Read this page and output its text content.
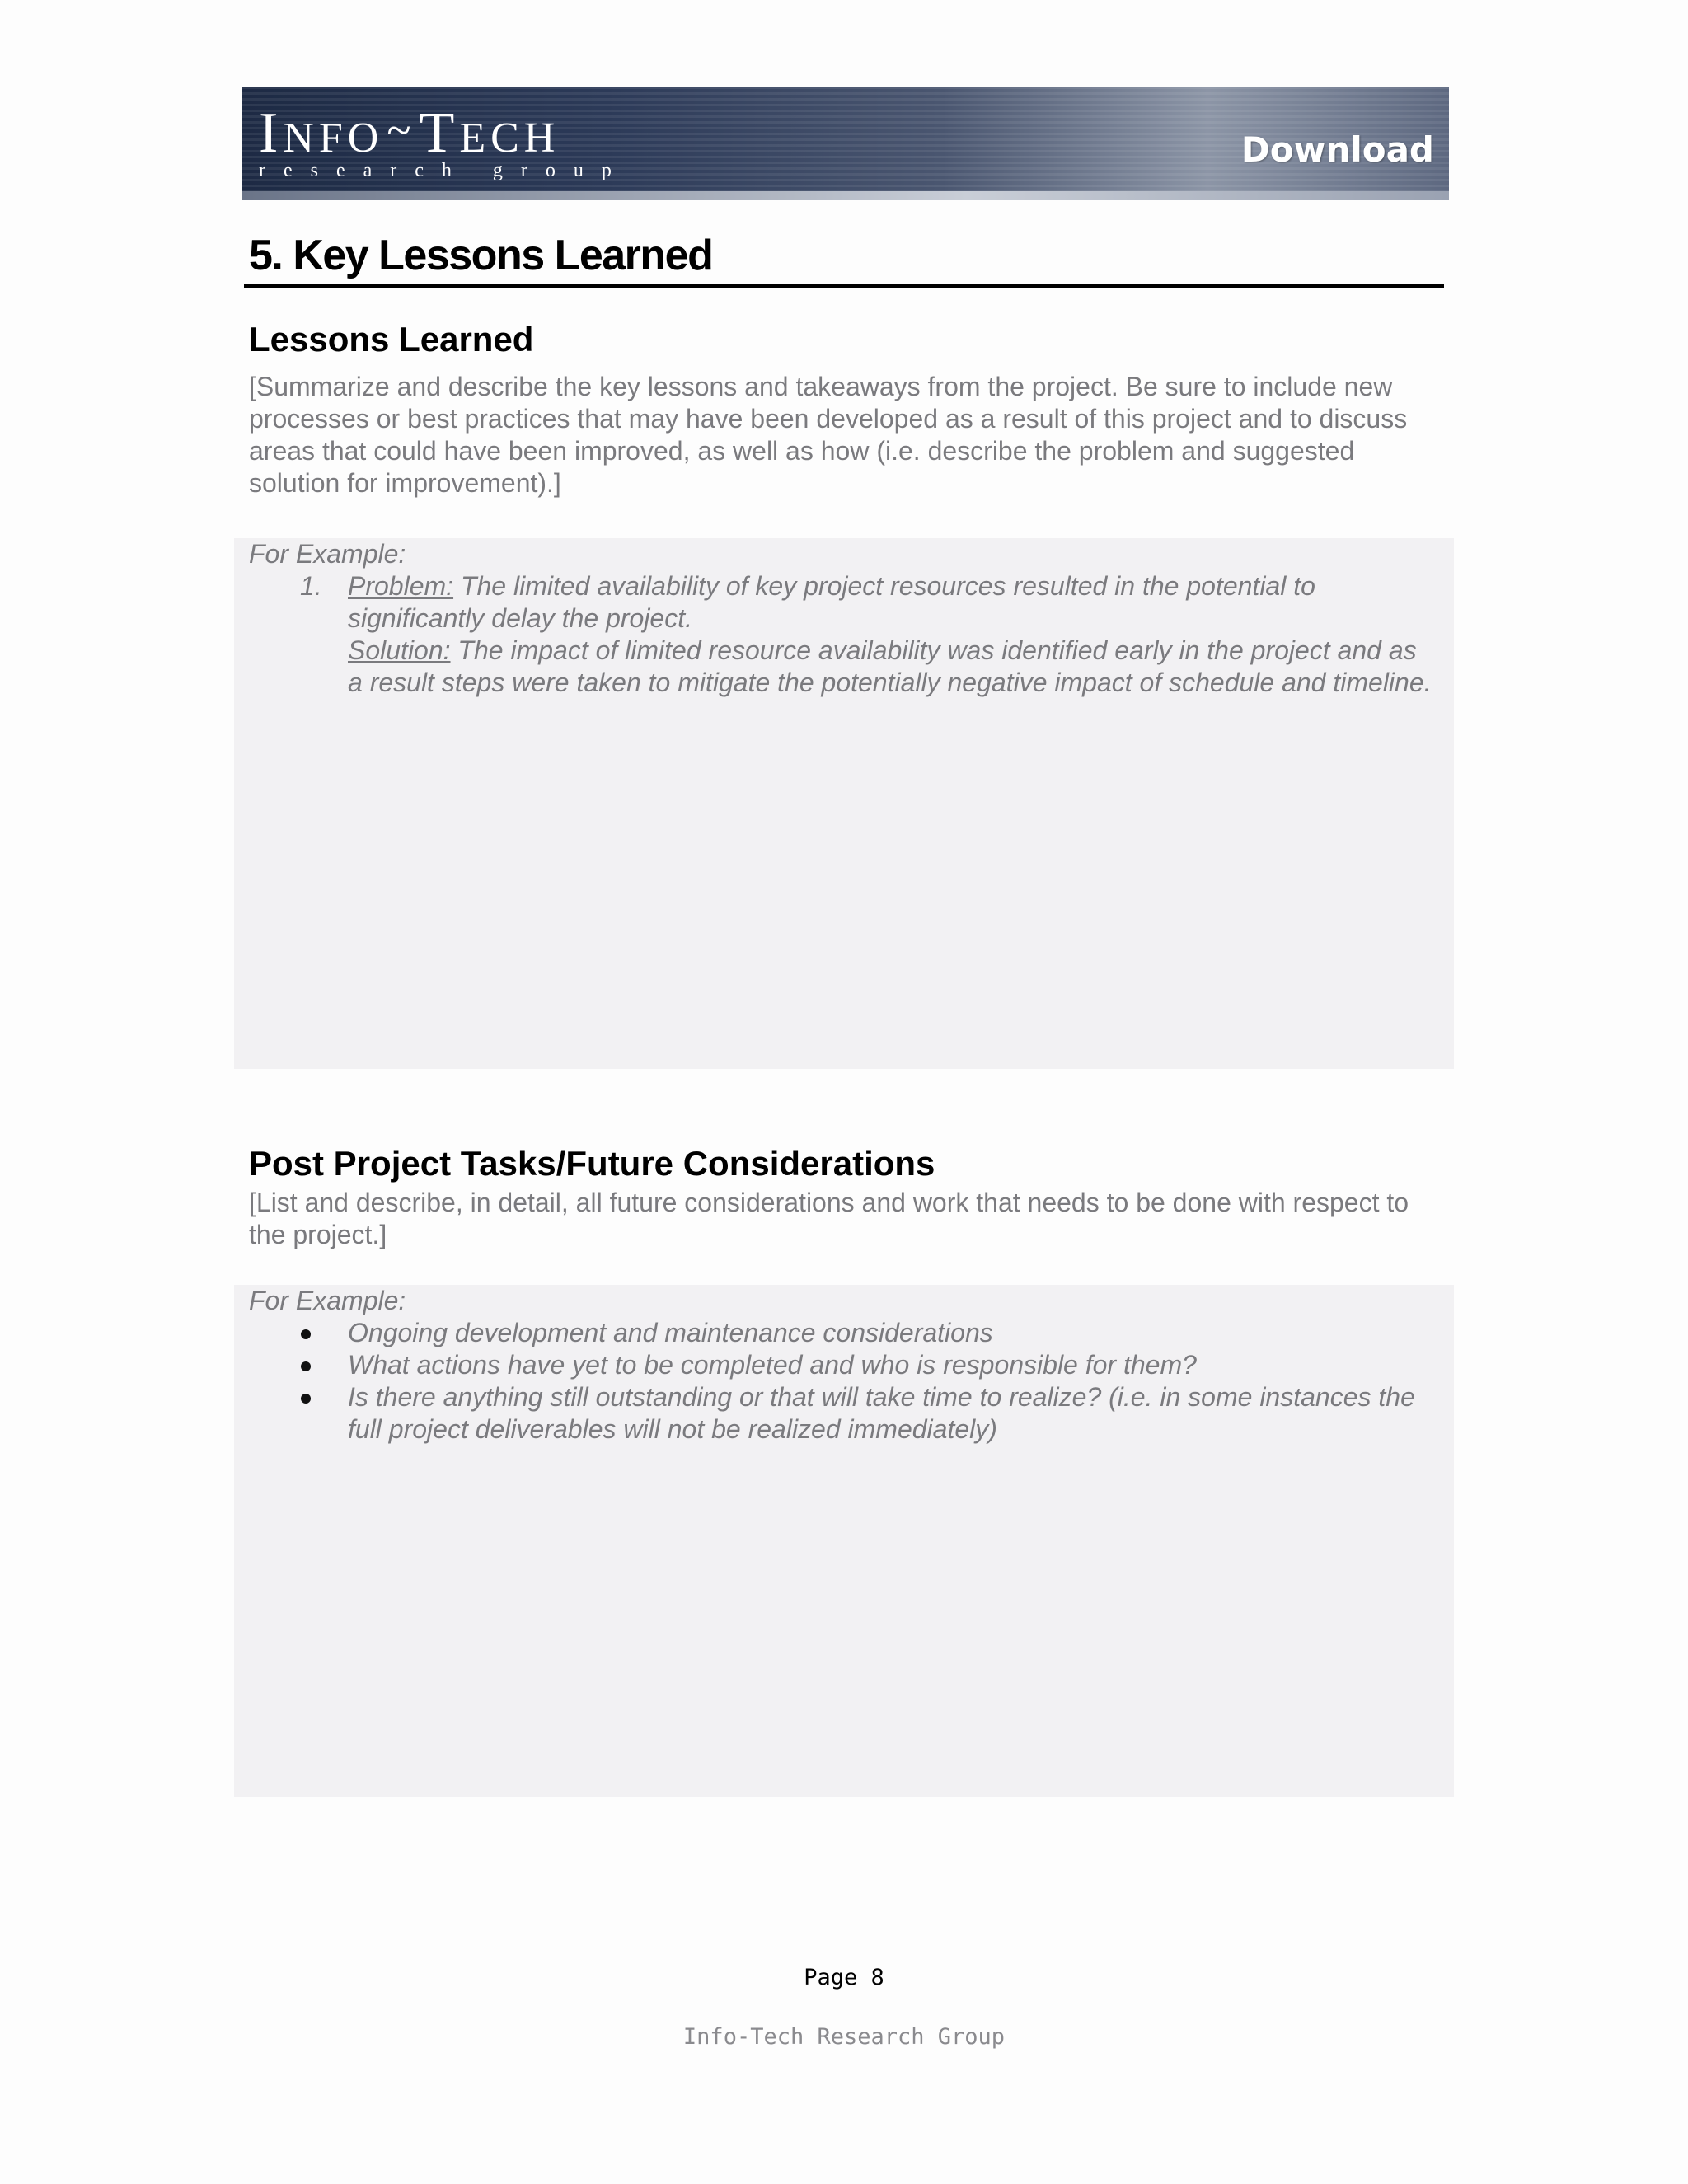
INFO~TECH
research group
Download
5. Key Lessons Learned
Lessons Learned
[Summarize and describe the key lessons and takeaways from the project. Be sure to include new processes or best practices that may have been developed as a result of this project and to discuss areas that could have been improved, as well as how (i.e. describe the problem and suggested solution for improvement).]
For Example:
1. Problem: The limited availability of key project resources resulted in the potential to significantly delay the project.
Solution: The impact of limited resource availability was identified early in the project and as a result steps were taken to mitigate the potentially negative impact of schedule and timeline.
Post Project Tasks/Future Considerations
[List and describe, in detail, all future considerations and work that needs to be done with respect to the project.]
For Example:
Ongoing development and maintenance considerations
What actions have yet to be completed and who is responsible for them?
Is there anything still outstanding or that will take time to realize? (i.e. in some instances the full project deliverables will not be realized immediately)
Page 8
Info-Tech Research Group
